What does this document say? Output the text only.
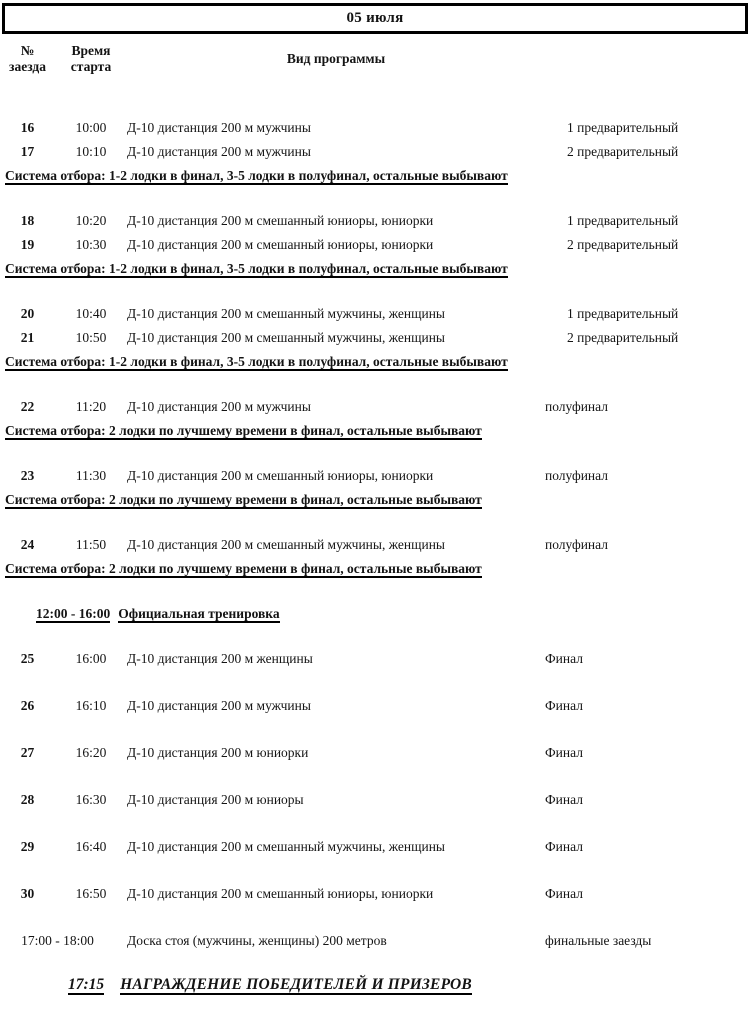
05 июля
№
заезда
Время
старта
Вид программы
16	10:00	Д-10 дистанция 200 м мужчины	1 предварительный
17	10:10	Д-10 дистанция 200 м мужчины	2 предварительный
Система отбора: 1-2 лодки в финал, 3-5 лодки в полуфинал, остальные выбывают
18	10:20	Д-10 дистанция 200 м смешанный юниоры, юниорки	1 предварительный
19	10:30	Д-10 дистанция 200 м смешанный юниоры, юниорки	2 предварительный
Система отбора: 1-2 лодки в финал, 3-5 лодки в полуфинал, остальные выбывают
20	10:40	Д-10 дистанция 200 м смешанный мужчины, женщины	1 предварительный
21	10:50	Д-10 дистанция 200 м смешанный мужчины, женщины	2 предварительный
Система отбора: 1-2 лодки в финал, 3-5 лодки в полуфинал, остальные выбывают
22	11:20	Д-10 дистанция 200 м мужчины	полуфинал
Система отбора: 2 лодки по лучшему времени в финал, остальные выбывают
23	11:30	Д-10 дистанция 200 м смешанный юниоры, юниорки	полуфинал
Система отбора: 2 лодки по лучшему времени в финал, остальные выбывают
24	11:50	Д-10 дистанция 200 м смешанный мужчины, женщины	полуфинал
Система отбора: 2 лодки по лучшему времени в финал, остальные выбывают
12:00 - 16:00 Официальная тренировка
25	16:00	Д-10 дистанция 200 м женщины	Финал
26	16:10	Д-10 дистанция 200 м мужчины	Финал
27	16:20	Д-10 дистанция 200 м юниорки	Финал
28	16:30	Д-10 дистанция 200 м юниоры	Финал
29	16:40	Д-10 дистанция 200 м смешанный мужчины, женщины	Финал
30	16:50	Д-10 дистанция 200 м смешанный юниоры, юниорки	Финал
17:00 - 18:00	Доска стоя (мужчины, женщины) 200 метров	финальные заезды
17:15 НАГРАЖДЕНИЕ ПОБЕДИТЕЛЕЙ И ПРИЗЕРОВ
